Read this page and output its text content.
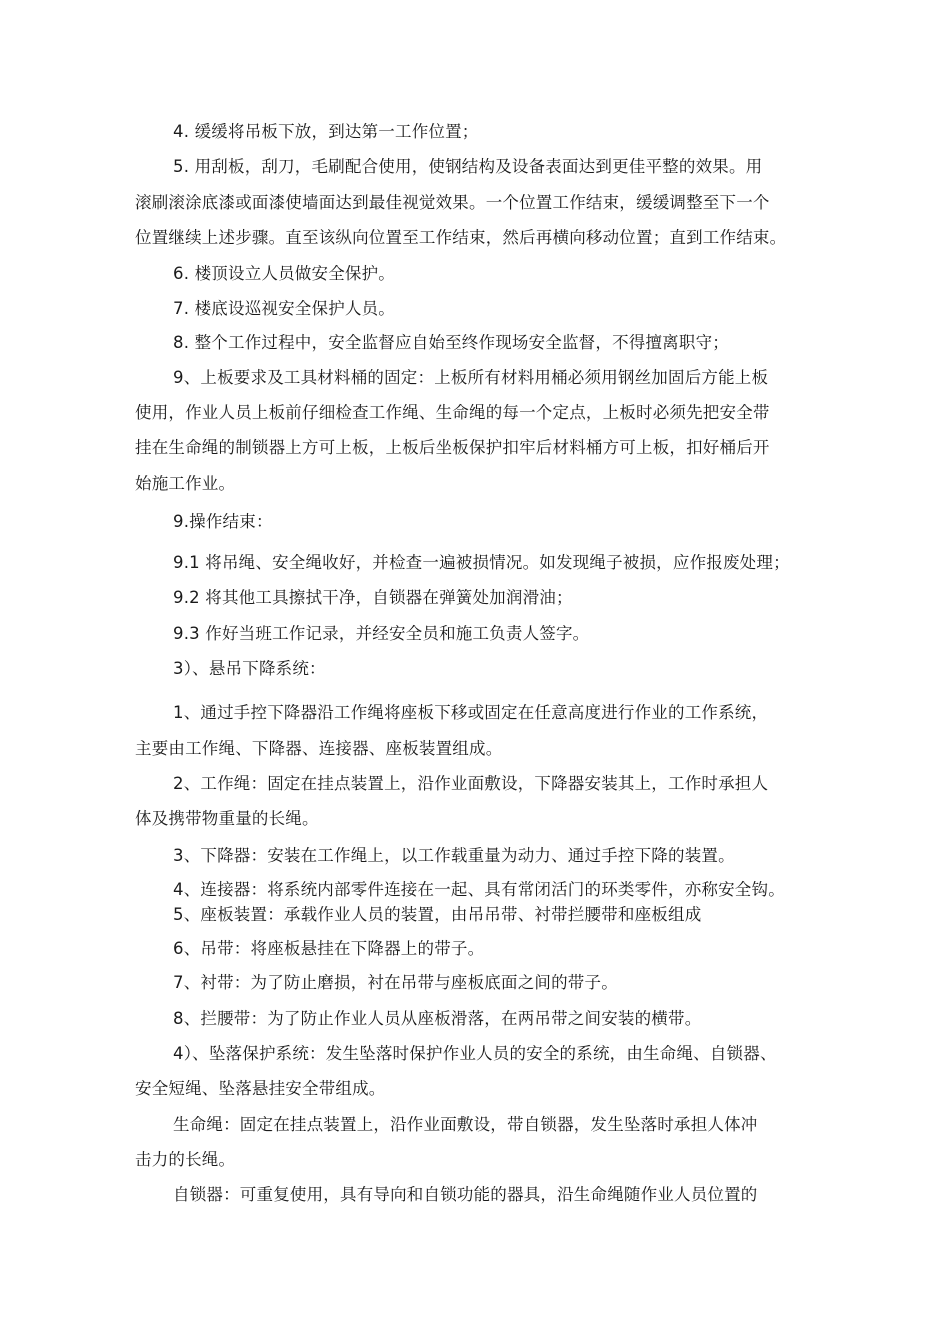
4. 缓缓将吊板下放，到达第一工作位置；
5. 用刮板，刮刀，毛刷配合使用，使钢结构及设备表面达到更佳平整的效果。用
滚刷滚涂底漆或面漆使墙面达到最佳视觉效果。一个位置工作结束，缓缓调整至下一个
位置继续上述步骤。直至该纵向位置至工作结束，然后再横向移动位置；直到工作结束。
6. 楼顶设立人员做安全保护。
7. 楼底设巡视安全保护人员。
8. 整个工作过程中，安全监督应自始至终作现场安全监督，不得擅离职守；
9、上板要求及工具材料桶的固定：上板所有材料用桶必须用钢丝加固后方能上板
使用，作业人员上板前仔细检查工作绳、生命绳的每一个定点，上板时必须先把安全带
挂在生命绳的制锁器上方可上板，上板后坐板保护扣牢后材料桶方可上板，扣好桶后开
始施工作业。
9.操作结束：
9.1 将吊绳、安全绳收好，并检查一遍被损情况。如发现绳子被损，应作报废处理；
9.2 将其他工具擦拭干净，自锁器在弹簧处加润滑油；
9.3 作好当班工作记录，并经安全员和施工负责人签字。
3）、悬吊下降系统：
1、通过手控下降器沿工作绳将座板下移或固定在任意高度进行作业的工作系统，
主要由工作绳、下降器、连接器、座板装置组成。
2、工作绳：固定在挂点装置上，沿作业面敷设，下降器安装其上，工作时承担人
体及携带物重量的长绳。
3、下降器：安装在工作绳上，以工作载重量为动力、通过手控下降的装置。
4、连接器：将系统内部零件连接在一起、具有常闭活门的环类零件，亦称安全钩。
5、座板装置：承载作业人员的装置，由吊吊带、衬带拦腰带和座板组成
6、吊带：将座板悬挂在下降器上的带子。
7、衬带：为了防止磨损，衬在吊带与座板底面之间的带子。
8、拦腰带：为了防止作业人员从座板滑落，在两吊带之间安装的横带。
4）、坠落保护系统：发生坠落时保护作业人员的安全的系统，由生命绳、自锁器、
安全短绳、坠落悬挂安全带组成。
生命绳：固定在挂点装置上，沿作业面敷设，带自锁器，发生坠落时承担人体冲
击力的长绳。
自锁器：可重复使用，具有导向和自锁功能的器具，沿生命绳随作业人员位置的
